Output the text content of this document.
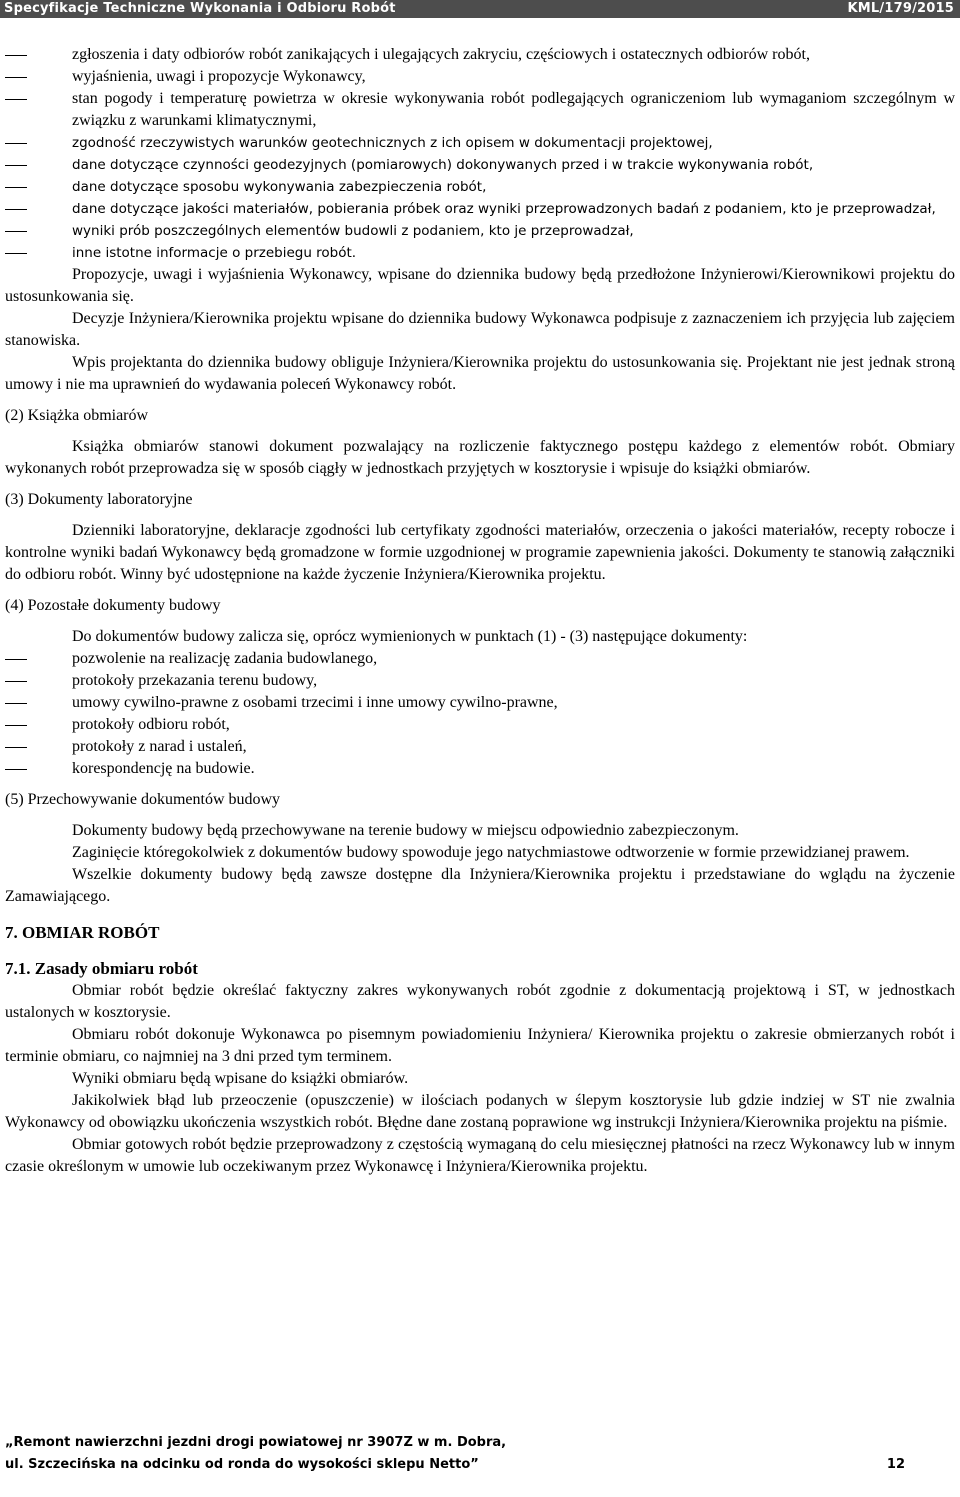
Specyfikacje Techniczne Wykonania i Odbioru Robót	KML/179/2015

zgłoszenia i daty odbiorów robót zanikających i ulegających zakryciu, częściowych i ostatecznych odbiorów robót,

wyjaśnienia, uwagi i propozycje Wykonawcy,

stan pogody i temperaturę powietrza w okresie wykonywania robót podlegających ograniczeniom lub wymaganiom szczególnym w związku z warunkami klimatycznymi,

zgodność rzeczywistych warunków geotechnicznych z ich opisem w dokumentacji projektowej,

dane dotyczące czynności geodezyjnych (pomiarowych) dokonywanych przed i w trakcie wykonywania robót,

dane dotyczące sposobu wykonywania zabezpieczenia robót,

dane dotyczące jakości materiałów, pobierania próbek oraz wyniki przeprowadzonych badań z podaniem, kto je przeprowadzał,

wyniki prób poszczególnych elementów budowli z podaniem, kto je przeprowadzał,

inne istotne informacje o przebiegu robót.

Propozycje, uwagi i wyjaśnienia Wykonawcy, wpisane do dziennika budowy będą przedłożone Inżynierowi/Kierownikowi projektu do ustosunkowania się.

Decyzje Inżyniera/Kierownika projektu wpisane do dziennika budowy Wykonawca podpisuje z zaznaczeniem ich przyjęcia lub zajęciem stanowiska.

Wpis projektanta do dziennika budowy obliguje Inżyniera/Kierownika projektu do ustosunkowania się. Projektant nie jest jednak stroną umowy i nie ma uprawnień do wydawania poleceń Wykonawcy robót.

(2) Książka obmiarów

Książka obmiarów stanowi dokument pozwalający na rozliczenie faktycznego postępu każdego z elementów robót. Obmiary wykonanych robót przeprowadza się w sposób ciągły w jednostkach przyjętych w kosztorysie i wpisuje do książki obmiarów.

(3) Dokumenty laboratoryjne

Dzienniki laboratoryjne, deklaracje zgodności lub certyfikaty zgodności materiałów, orzeczenia o jakości materiałów, recepty robocze i kontrolne wyniki badań Wykonawcy będą gromadzone w formie uzgodnionej w programie zapewnienia jakości. Dokumenty te stanowią załączniki do odbioru robót. Winny być udostępnione na każde życzenie Inżyniera/Kierownika projektu.

(4) Pozostałe dokumenty budowy

Do dokumentów budowy zalicza się, oprócz wymienionych w punktach (1) - (3) następujące dokumenty:

pozwolenie na realizację zadania budowlanego,

protokoły przekazania terenu budowy,

umowy cywilno-prawne z osobami trzecimi i inne umowy cywilno-prawne,

protokoły odbioru robót,

protokoły z narad i ustaleń,

korespondencję na budowie.

(5) Przechowywanie dokumentów budowy

Dokumenty budowy będą przechowywane na terenie budowy w miejscu odpowiednio zabezpieczonym.

Zaginięcie któregokolwiek z dokumentów budowy spowoduje jego natychmiastowe odtworzenie w formie przewidzianej prawem.

Wszelkie dokumenty budowy będą zawsze dostępne dla Inżyniera/Kierownika projektu i przedstawiane do wglądu na życzenie Zamawiającego.

7. OBMIAR ROBÓT

7.1. Zasady obmiaru robót

Obmiar robót będzie określać faktyczny zakres wykonywanych robót zgodnie z dokumentacją projektową i ST, w jednostkach ustalonych w kosztorysie.

Obmiaru robót dokonuje Wykonawca po pisemnym powiadomieniu Inżyniera/ Kierownika projektu o zakresie obmierzanych robót i terminie obmiaru, co najmniej na 3 dni przed tym terminem.

Wyniki obmiaru będą wpisane do książki obmiarów.

Jakikolwiek błąd lub przeoczenie (opuszczenie) w ilościach podanych w ślepym kosztorysie lub gdzie indziej w ST nie zwalnia Wykonawcy od obowiązku ukończenia wszystkich robót. Błędne dane zostaną poprawione wg instrukcji Inżyniera/Kierownika projektu na piśmie.

Obmiar gotowych robót będzie przeprowadzony z częstością wymaganą do celu miesięcznej płatności na rzecz Wykonawcy lub w innym czasie określonym w umowie lub oczekiwanym przez Wykonawcę i Inżyniera/Kierownika projektu.

„Remont nawierzchni jezdni drogi powiatowej nr 3907Z w m. Dobra,
ul. Szczecińska na odcinku od ronda do wysokości sklepu Netto”	12
